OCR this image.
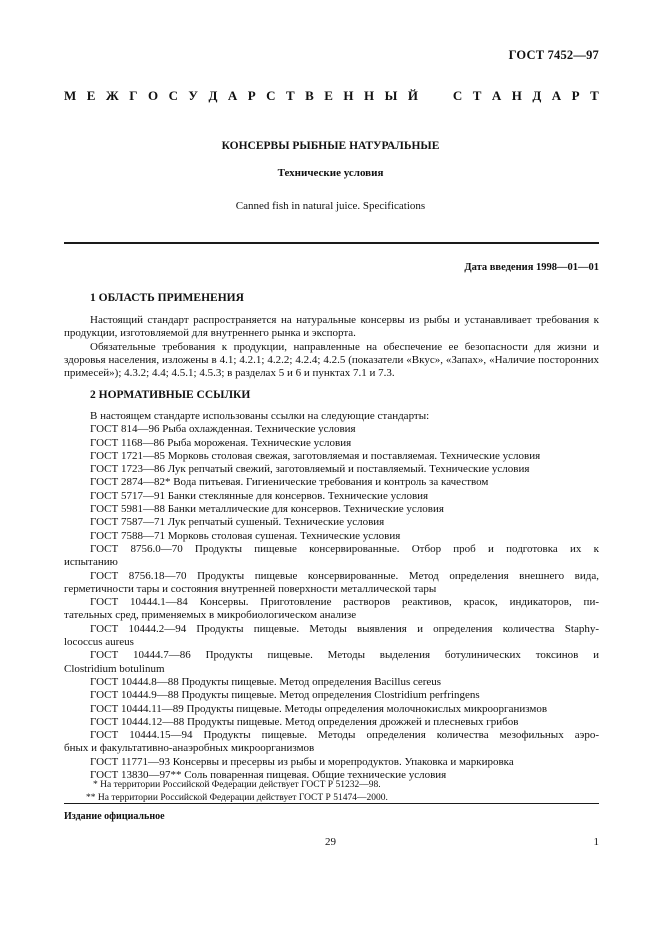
ГОСТ 7452—97
М Е Ж Г О С У Д А Р С Т В Е Н Н Ы Й	С Т А Н Д А Р Т
КОНСЕРВЫ РЫБНЫЕ НАТУРАЛЬНЫЕ
Технические условия
Canned fish in natural juice. Specifications
Дата введения 1998—01—01
1 ОБЛАСТЬ ПРИМЕНЕНИЯ

Настоящий стандарт распространяется на натуральные консервы из рыбы и устанавливает требования к продукции, изготовляемой для внутреннего рынка и экспорта.

Обязательные требования к продукции, направленные на обеспечение ее безопасности для жизни и здоровья населения, изложены в 4.1; 4.2.1; 4.2.2; 4.2.4; 4.2.5 (показатели «Вкус», «Запах», «Наличие посторонних примесей»); 4.3.2; 4.4; 4.5.1; 4.5.3; в разделах 5 и 6 и пунктах 7.1 и 7.3.

2 НОРМАТИВНЫЕ ССЫЛКИ

В настоящем стандарте использованы ссылки на следующие стандарты:

ГОСТ 814—96 Рыба охлажденная. Технические условия

ГОСТ 1168—86 Рыба мороженая. Технические условия

ГОСТ 1721—85 Морковь столовая свежая, заготовляемая и поставляемая. Технические условия

ГОСТ 1723—86 Лук репчатый свежий, заготовляемый и поставляемый. Технические условия

ГОСТ 2874—82* Вода питьевая. Гигиенические требования и контроль за качеством

ГОСТ 5717—91 Банки стеклянные для консервов. Технические условия

ГОСТ 5981—88 Банки металлические для консервов. Технические условия

ГОСТ 7587—71 Лук репчатый сушеный. Технические условия

ГОСТ 7588—71 Морковь столовая сушеная. Технические условия

ГОСТ 8756.0—70 Продукты пищевые консервированные. Отбор проб и подготовка их к

испытанию

ГОСТ 8756.18—70 Продукты пищевые консервированные. Метод определения внешнего вида,

герметичности тары и состояния внутренней поверхности металлической тары

ГОСТ 10444.1—84 Консервы. Приготовление растворов реактивов, красок, индикаторов, пи-

тательных сред, применяемых в микробиологическом анализе

ГОСТ 10444.2—94 Продукты пищевые. Методы выявления и определения количества Staphy-

lococcus aureus

ГОСТ 10444.7—86 Продукты пищевые. Методы выделения ботулинических токсинов и

Clostridium botulinum

ГОСТ 10444.8—88 Продукты пищевые. Метод определения Bacillus cereus

ГОСТ 10444.9—88 Продукты пищевые. Метод определения Clostridium perfringens

ГОСТ 10444.11—89 Продукты пищевые. Методы определения молочнокислых микроорганизмов

ГОСТ 10444.12—88 Продукты пищевые. Метод определения дрожжей и плесневых грибов

ГОСТ 10444.15—94 Продукты пищевые. Методы определения количества мезофильных аэро-

бных и факультативно-анаэробных микроорганизмов

ГОСТ 11771—93 Консервы и пресервы из рыбы и морепродуктов. Упаковка и маркировка

ГОСТ 13830—97** Соль поваренная пищевая. Общие технические условия

* На территории Российской Федерации действует ГОСТ Р 51232—98.

** На территории Российской Федерации действует ГОСТ Р 51474—2000.

Издание официальное
29	1
